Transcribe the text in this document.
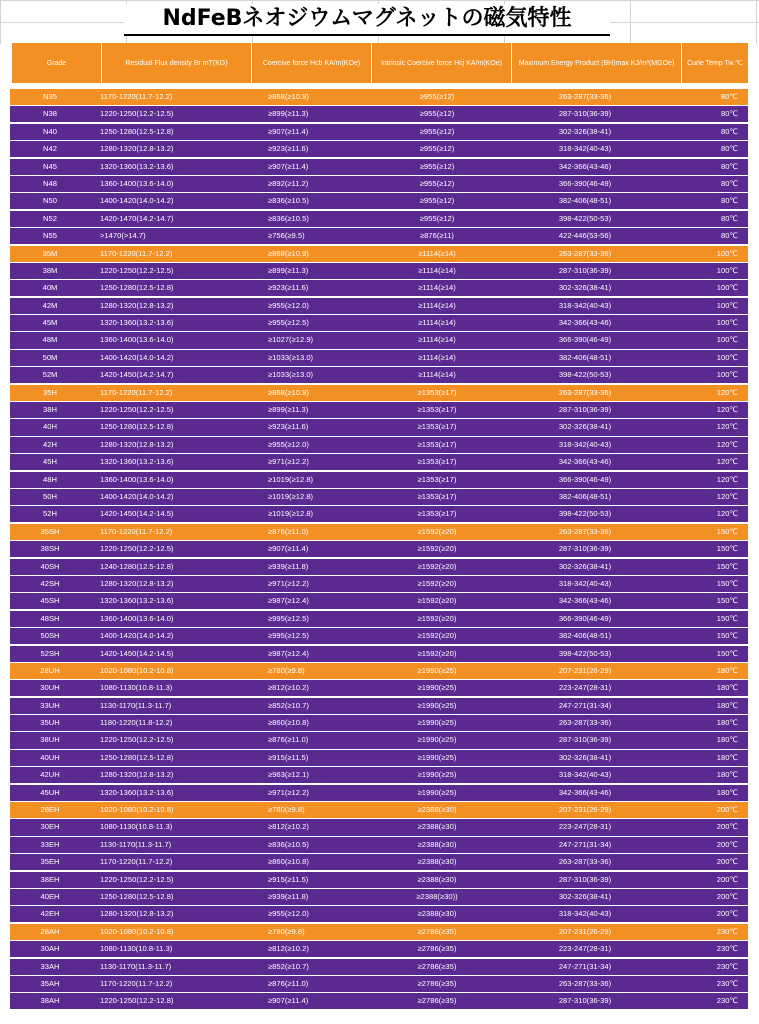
NdFeBネオジウムマグネットの磁気特性
Grade	Residual Flux density Br mT(KG)	Coercive force Hcb KA/m(KOe)	Intrinsic Coercive force Hcj KA/m(KOe)	Maximum Energy Product (BH)max KJ/m³(MGOe)	Curie Temp Tw.℃
N35	1170-1220(11.7-12.2)	≥868(≥10.9)	≥955(≥12)	263-287(33-36)	80℃
N38	1220-1250(12.2-12.5)	≥899(≥11.3)	≥955(≥12)	287-310(36-39)	80℃
N40	1250-1280(12.5-12.8)	≥907(≥11.4)	≥955(≥12)	302-326(38-41)	80℃
N42	1280-1320(12.8-13.2)	≥923(≥11.6)	≥955(≥12)	318-342(40-43)	80℃
N45	1320-1360(13.2-13.6)	≥907(≥11.4)	≥955(≥12)	342-366(43-46)	80℃
N48	1360-1400(13.6-14.0)	≥892(≥11.2)	≥955(≥12)	366-390(46-49)	80℃
N50	1400-1420(14.0-14.2)	≥836(≥10.5)	≥955(≥12)	382-406(48-51)	80℃
N52	1420-1470(14.2-14.7)	≥836(≥10.5)	≥955(≥12)	398-422(50-53)	80℃
N55	>1470(>14.7)	≥756(≥9.5)	≥876(≥11)	422-446(53-56)	80℃
35M	1170-1220(11.7-12.2)	≥868(≥10.9)	≥1114(≥14)	263-287(33-36)	100℃
38M	1220-1250(12.2-12.5)	≥899(≥11.3)	≥1114(≥14)	287-310(36-39)	100℃
40M	1250-1280(12.5-12.8)	≥923(≥11.6)	≥1114(≥14)	302-326(38-41)	100℃
42M	1280-1320(12.8-13.2)	≥955(≥12.0)	≥1114(≥14)	318-342(40-43)	100℃
45M	1320-1360(13.2-13.6)	≥955(≥12.5)	≥1114(≥14)	342-366(43-46)	100℃
48M	1360-1400(13.6-14.0)	≥1027(≥12.9)	≥1114(≥14)	366-390(46-49)	100℃
50M	1400-1420(14.0-14.2)	≥1033(≥13.0)	≥1114(≥14)	382-406(48-51)	100℃
52M	1420-1450(14.2-14.7)	≥1033(≥13.0)	≥1114(≥14)	398-422(50-53)	100℃
35H	1170-1220(11.7-12.2)	≥868(≥10.9)	≥1353(≥17)	263-287(33-36)	120℃
38H	1220-1250(12.2-12.5)	≥899(≥11.3)	≥1353(≥17)	287-310(36-39)	120℃
40H	1250-1280(12.5-12.8)	≥923(≥11.6)	≥1353(≥17)	302-326(38-41)	120℃
42H	1280-1320(12.8-13.2)	≥955(≥12.0)	≥1353(≥17)	318-342(40-43)	120℃
45H	1320-1360(13.2-13.6)	≥971(≥12.2)	≥1353(≥17)	342-366(43-46)	120℃
48H	1360-1400(13.6-14.0)	≥1019(≥12.8)	≥1353(≥17)	366-390(46-49)	120℃
50H	1400-1420(14.0-14.2)	≥1019(≥12.8)	≥1353(≥17)	382-406(48-51)	120℃
52H	1420-1450(14.2-14.5)	≥1019(≥12.8)	≥1353(≥17)	398-422(50-53)	120℃
35SH	1170-1220(11.7-12.2)	≥876(≥11.0)	≥1592(≥20)	263-287(33-36)	150℃
38SH	1220-1250(12.2-12.5)	≥907(≥11.4)	≥1592(≥20)	287-310(36-39)	150℃
40SH	1240-1280(12.5-12.8)	≥939(≥11.8)	≥1592(≥20)	302-326(38-41)	150℃
42SH	1280-1320(12.8-13.2)	≥971(≥12.2)	≥1592(≥20)	318-342(40-43)	150℃
45SH	1320-1360(13.2-13.6)	≥987(≥12.4)	≥1592(≥20)	342-366(43-46)	150℃
48SH	1360-1400(13.6-14.0)	≥995(≥12.5)	≥1592(≥20)	366-390(46-49)	150℃
50SH	1400-1420(14.0-14.2)	≥995(≥12.5)	≥1592(≥20)	382-406(48-51)	150℃
52SH	1420-1450(14.2-14.5)	≥987(≥12.4)	≥1592(≥20)	398-422(50-53)	150℃
28UH	1020-1080(10.2-10.8)	≥780(≥9.8)	≥1990(≥25)	207-231(26-29)	180℃
30UH	1080-1130(10.8-11.3)	≥812(≥10.2)	≥1990(≥25)	223-247(28-31)	180℃
33UH	1130-1170(11.3-11.7)	≥852(≥10.7)	≥1990(≥25)	247-271(31-34)	180℃
35UH	1180-1220(11.8-12.2)	≥860(≥10.8)	≥1990(≥25)	263-287(33-36)	180℃
38UH	1220-1250(12.2-12.5)	≥876(≥11.0)	≥1990(≥25)	287-310(36-39)	180℃
40UH	1250-1280(12.5-12.8)	≥915(≥11.5)	≥1990(≥25)	302-326(38-41)	180℃
42UH	1280-1320(12.8-13.2)	≥963(≥12.1)	≥1990(≥25)	318-342(40-43)	180℃
45UH	1320-1360(13.2-13.6)	≥971(≥12.2)	≥1990(≥25)	342-366(43-46)	180℃
28EH	1020-1080(10.2-10.8)	≥780(≥9.8)	≥2388(≥30)	207-231(26-29)	200℃
30EH	1080-1130(10.8-11.3)	≥812(≥10.2)	≥2388(≥30)	223-247(28-31)	200℃
33EH	1130-1170(11.3-11.7)	≥836(≥10.5)	≥2388(≥30)	247-271(31-34)	200℃
35EH	1170-1220(11.7-12.2)	≥860(≥10.8)	≥2388(≥30)	263-287(33-36)	200℃
38EH	1220-1250(12.2-12.5)	≥915(≥11.5)	≥2388(≥30)	287-310(36-39)	200℃
40EH	1250-1280(12.5-12.8)	≥939(≥11.8)	≥2388(≥30))	302-326(38-41)	200℃
42EH	1280-1320(12.8-13.2)	≥955(≥12.0)	≥2388(≥30)	318-342(40-43)	200℃
28AH	1020-1080(10.2-10.8)	≥780(≥9.8)	≥2786(≥35)	207-231(26-29)	230℃
30AH	1080-1130(10.8-11.3)	≥812(≥10.2)	≥2786(≥35)	223-247(28-31)	230℃
33AH	1130-1170(11.3-11.7)	≥852(≥10.7)	≥2786(≥35)	247-271(31-34)	230℃
35AH	1170-1220(11.7-12.2)	≥876(≥11.0)	≥2786(≥35)	263-287(33-36)	230℃
38AH	1220-1250(12.2-12.8)	≥907(≥11.4)	≥2786(≥35)	287-310(36-39)	230℃
